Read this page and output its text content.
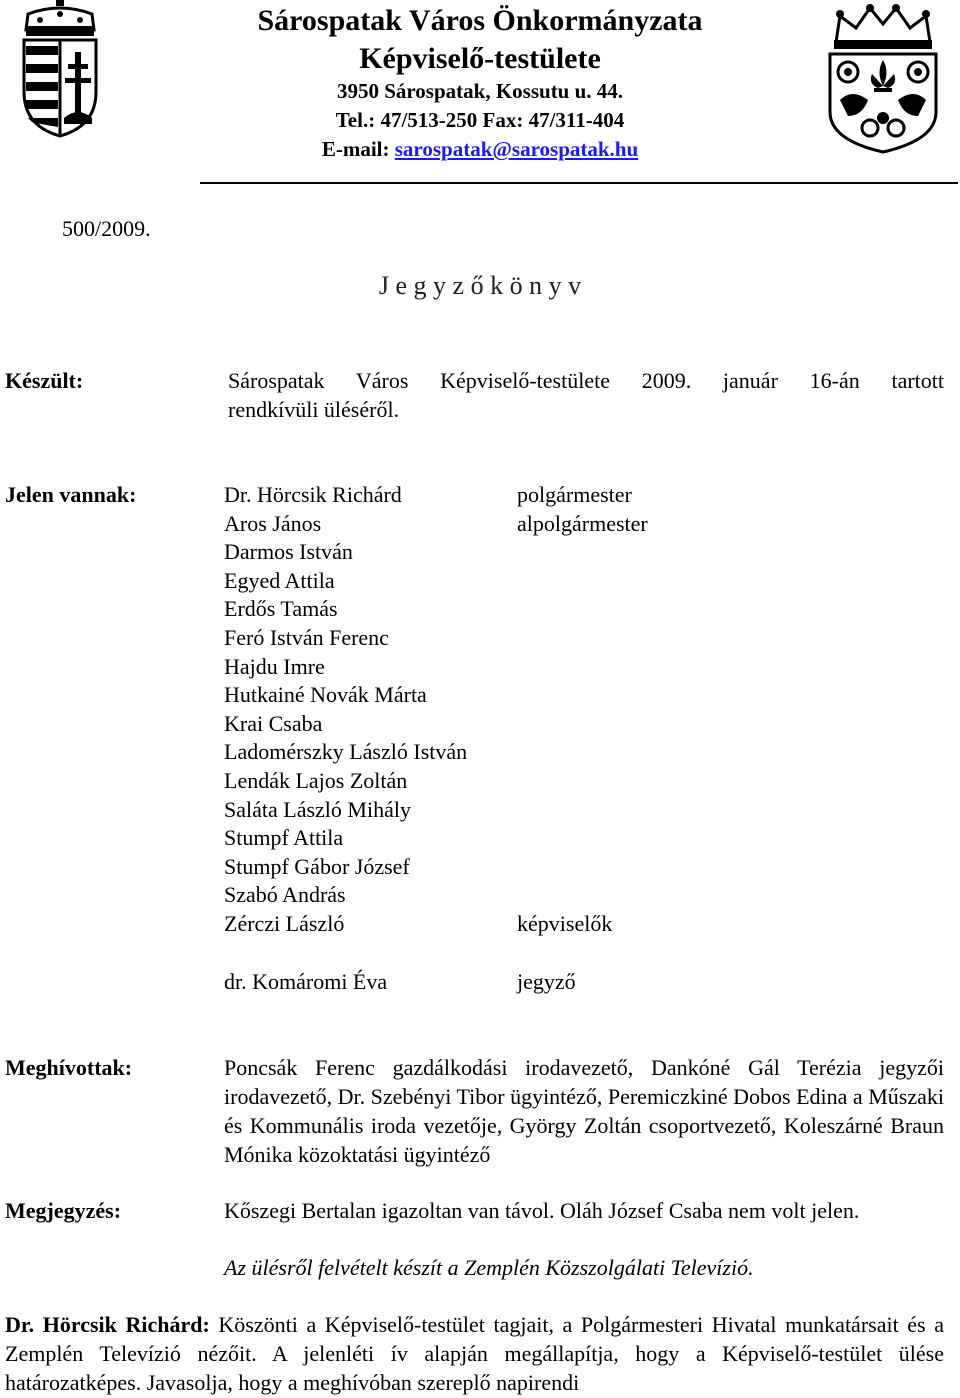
Sárospatak Város Önkormányzata
Képviselő-testülete
3950 Sárospatak, Kossutu u. 44.
Tel.: 47/513-250 Fax: 47/311-404
E-mail: sarospatak@sarospatak.hu
500/2009.
J e g y z ő k ö n y v
Készült:	Sárospatak Város Képviselő-testülete 2009. január 16-án tartott
rendkívüli üléséről.
Jelen vannak:	Dr. Hörcsik Richárd	polgármester
Aros János	alpolgármester
Darmos István
Egyed Attila
Erdős Tamás
Feró István Ferenc
Hajdu Imre
Hutkainé Novák Márta
Krai Csaba
Ladomérszky László István
Lendák Lajos Zoltán
Saláta László Mihály
Stumpf Attila
Stumpf Gábor József
Szabó András
Zérczi László	képviselők
dr. Komáromi Éva	jegyző
Meghívottak:	Poncsák Ferenc gazdálkodási irodavezető, Dankóné Gál Terézia jegyzői irodavezető, Dr. Szebényi Tibor ügyintéző, Peremiczkiné Dobos Edina a Műszaki és Kommunális iroda vezetője, György Zoltán csoportvezető, Koleszárné Braun Mónika közoktatási ügyintéző
Megjegyzés:	Kőszegi Bertalan igazoltan van távol. Oláh József Csaba nem volt jelen.
Az ülésről felvételt készít a Zemplén Közszolgálati Televízió.
Dr. Hörcsik Richárd: Köszönti a Képviselő-testület tagjait, a Polgármesteri Hivatal munkatársait és a Zemplén Televízió nézőit. A jelenléti ív alapján megállapítja, hogy a Képviselő-testület ülése határozatképes. Javasolja, hogy a meghívóban szereplő napirendi
